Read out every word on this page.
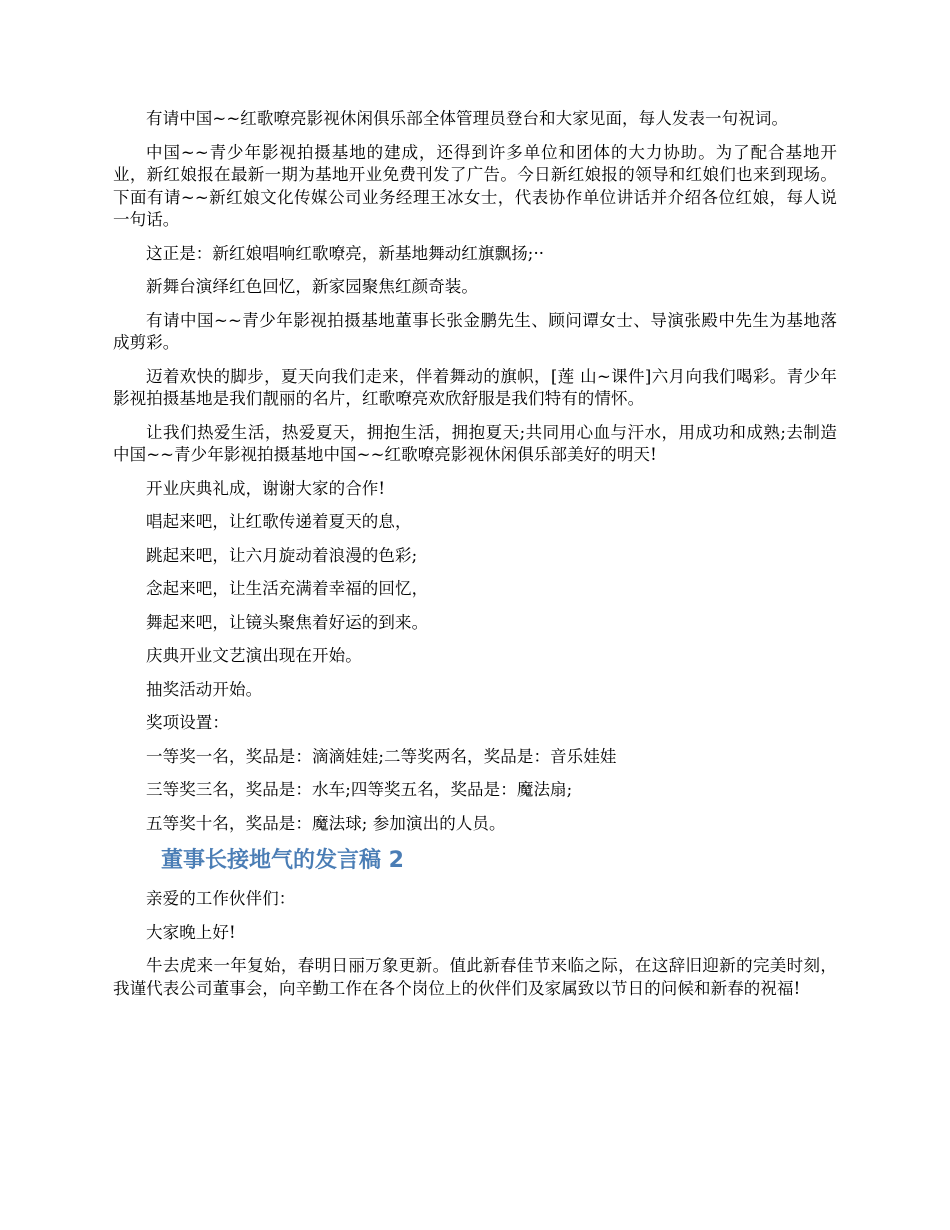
有请中国~~红歌嘹亮影视休闲俱乐部全体管理员登台和大家见面，每人发表一句祝词。

中国~~青少年影视拍摄基地的建成，还得到许多单位和团体的大力协助。为了配合基地开业，新红娘报在最新一期为基地开业免费刊发了广告。今日新红娘报的领导和红娘们也来到现场。下面有请~~新红娘文化传媒公司业务经理王冰女士，代表协作单位讲话并介绍各位红娘，每人说一句话。

这正是：新红娘唱响红歌嘹亮，新基地舞动红旗飘扬;··

新舞台演绎红色回忆，新家园聚焦红颜奇装。

有请中国~~青少年影视拍摄基地董事长张金鹏先生、顾问谭女士、导演张殿中先生为基地落成剪彩。

迈着欢快的脚步，夏天向我们走来，伴着舞动的旗帜，[莲 山~课件]六月向我们喝彩。青少年影视拍摄基地是我们靓丽的名片，红歌嘹亮欢欣舒服是我们特有的情怀。

让我们热爱生活，热爱夏天，拥抱生活，拥抱夏天;共同用心血与汗水，用成功和成熟;去制造中国~~青少年影视拍摄基地中国~~红歌嘹亮影视休闲俱乐部美好的明天!

开业庆典礼成，谢谢大家的合作!

唱起来吧，让红歌传递着夏天的息，

跳起来吧，让六月旋动着浪漫的色彩;

念起来吧，让生活充满着幸福的回忆，

舞起来吧，让镜头聚焦着好运的到来。

庆典开业文艺演出现在开始。

抽奖活动开始。

奖项设置：

一等奖一名，奖品是：滴滴娃娃;二等奖两名，奖品是：音乐娃娃

三等奖三名，奖品是：水车;四等奖五名，奖品是：魔法扇;

五等奖十名，奖品是：魔法球; 参加演出的人员。

董事长接地气的发言稿 2

亲爱的工作伙伴们：

大家晚上好!

牛去虎来一年复始，春明日丽万象更新。值此新春佳节来临之际，在这辞旧迎新的完美时刻，我谨代表公司董事会，向辛勤工作在各个岗位上的伙伴们及家属致以节日的问候和新春的祝福!
